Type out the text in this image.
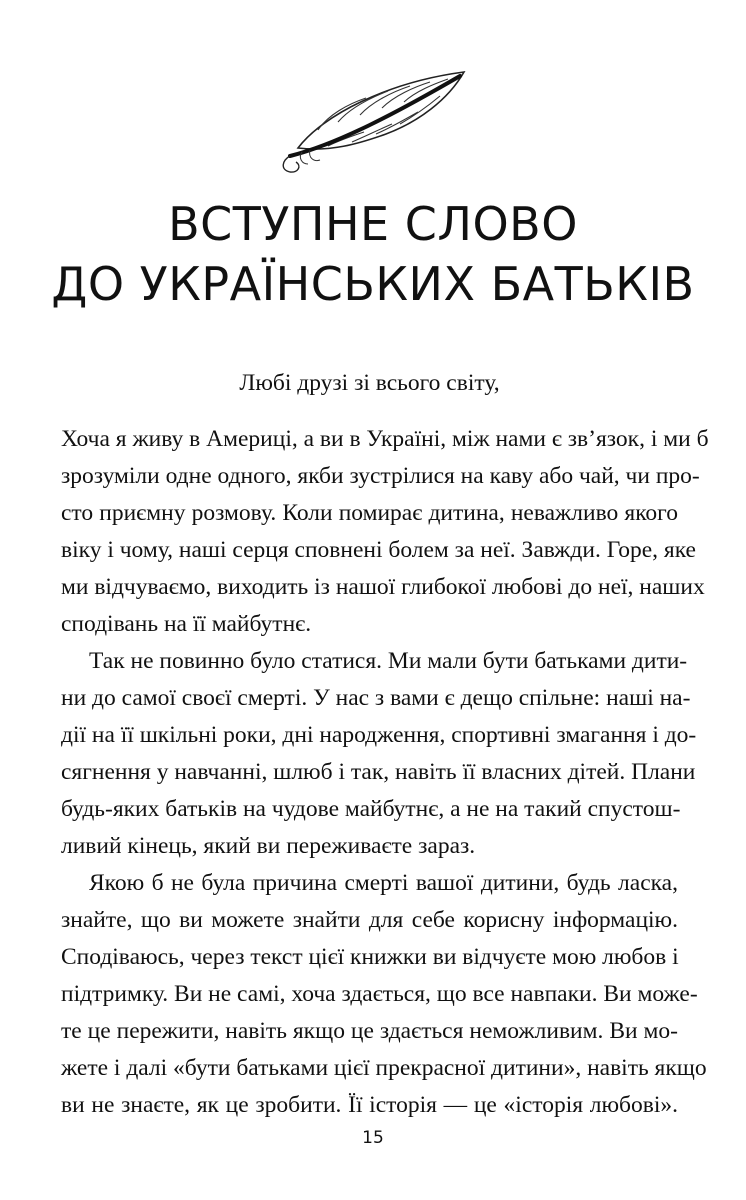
ВСТУПНЕ СЛОВО
ДО УКРАЇНСЬКИХ БАТЬКІВ
Любі друзі зі всього світу,
Хоча я живу в Америці, а ви в Україні, між нами є зв’язок, і ми б
зрозуміли одне одного, якби зустрілися на каву або чай, чи про-
сто приємну розмову. Коли помирає дитина, неважливо якого
віку і чому, наші серця сповнені болем за неї. Завжди. Горе, яке
ми відчуваємо, виходить із нашої глибокої любові до неї, наших
сподівань на її майбутнє.
Так не повинно було статися. Ми мали бути батьками дити-
ни до самої своєї смерті. У нас з вами є дещо спільне: наші на-
дії на її шкільні роки, дні народження, спортивні змагання і до-
сягнення у навчанні, шлюб і так, навіть її власних дітей. Плани
будь-яких батьків на чудове майбутнє, а не на такий спустош-
ливий кінець, який ви переживаєте зараз.
Якою б не була причина смерті вашої дитини, будь ласка,
знайте, що ви можете знайти для себе корисну інформацію.
Сподіваюсь, через текст цієї книжки ви відчуєте мою любов і
підтримку. Ви не самі, хоча здається, що все навпаки. Ви може-
те це пережити, навіть якщо це здається неможливим. Ви мо-
жете і далі «бути батьками цієї прекрасної дитини», навіть якщо
ви не знаєте, як це зробити. Її історія — це «історія любові».
15
